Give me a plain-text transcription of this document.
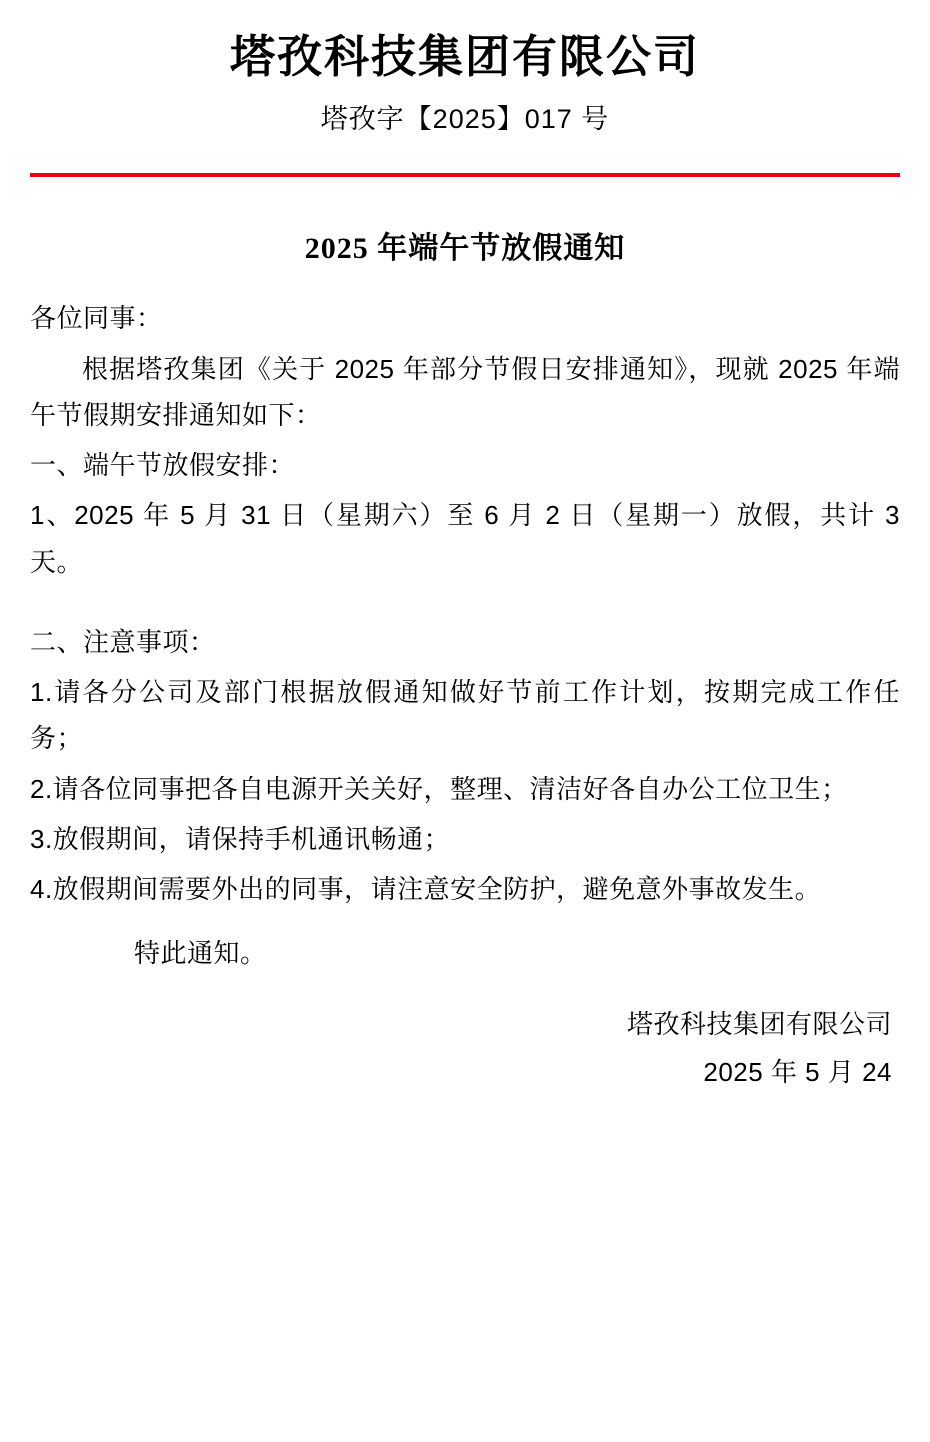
塔孜科技集团有限公司
塔孜字【2025】017 号
2025 年端午节放假通知

各位同事：

根据塔孜集团《关于 2025 年部分节假日安排通知》，现就 2025 年端午节假期安排通知如下：

一、端午节放假安排：

1、2025 年 5 月 31 日（星期六）至 6 月 2 日（星期一）放假，共计 3 天。

二、注意事项：

1.请各分公司及部门根据放假通知做好节前工作计划，按期完成工作任务；

2.请各位同事把各自电源开关关好，整理、清洁好各自办公工位卫生；

3.放假期间，请保持手机通讯畅通；

4.放假期间需要外出的同事，请注意安全防护，避免意外事故发生。

特此通知。

塔孜科技集团有限公司
2025 年 5 月 24
